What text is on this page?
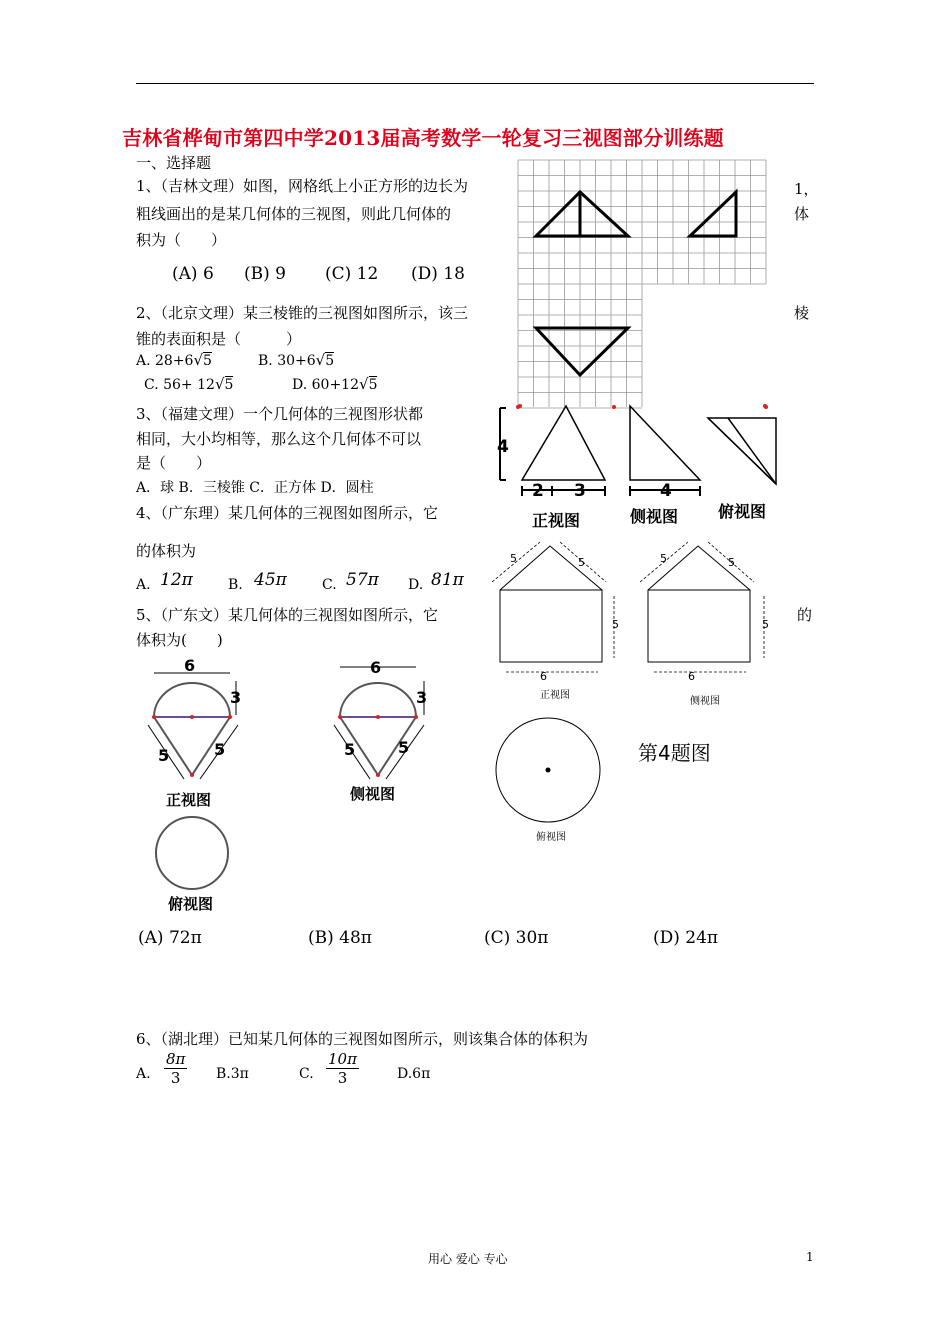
吉林省桦甸市第四中学2013届高考数学一轮复习三视图部分训练题
一、选择题
1、（吉林文理）如图，网格纸上小正方形的边长为	1，
粗线画出的是某几何体的三视图，则此几何体的	体
积为（　　）
(A) 6 (B) 9 (C) 12 (D) 18
2、（北京文理）某三棱锥的三视图如图所示，该三	棱
锥的表面积是（　　　）
A. 28+6√5	B. 30+6√5
C. 56+ 12√5	D. 60+12√5
4
2 3	4
正视图	侧视图 俯视图
3、（福建文理）一个几何体的三视图形状都
相同，大小均相等，那么这个几何体不可以
是（　　）
A．球 B．三棱锥 C．正方体 D．圆柱
4、（广东理）某几何体的三视图如图所示，它
的体积为
A. 12π	B. 45π	C. 57π D. 81π
5	5
5
6
5	5
5
6
正视图
侧视图
俯视图
第4题图
5、（广东文）某几何体的三视图如图所示，它	的
体积为(　　)
6
3
5	5
6
3
5	5
正视图	侧视图
俯视图
(A) 72π	(B) 48π	(C) 30π	(D) 24π
6、（湖北理）已知某几何体的三视图如图所示，则该集合体的体积为
A. $\frac{8\pi}{3} B.3\pi$	C. $\frac{10\pi}{3}$	D.6π
用心 爱心 专心	1
